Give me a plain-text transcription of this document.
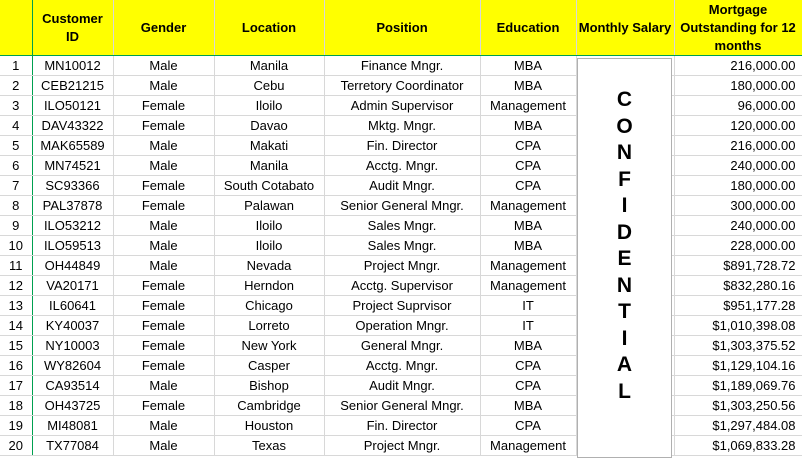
	Customer ID	Gender	Location	Position	Education	Monthly Salary	Mortgage Outstanding for 12 months
1	MN10012	Male	Manila	Finance Mngr.	MBA		216,000.00
2	CEB21215	Male	Cebu	Terretory Coordinator	MBA		180,000.00
3	ILO50121	Female	Iloilo	Admin Supervisor	Management		96,000.00
4	DAV43322	Female	Davao	Mktg. Mngr.	MBA		120,000.00
5	MAK65589	Male	Makati	Fin. Director	CPA		216,000.00
6	MN74521	Male	Manila	Acctg. Mngr.	CPA		240,000.00
7	SC93366	Female	South Cotabato	Audit Mngr.	CPA		180,000.00
8	PAL37878	Female	Palawan	Senior General Mngr.	Management		300,000.00
9	ILO53212	Male	Iloilo	Sales Mngr.	MBA		240,000.00
10	ILO59513	Male	Iloilo	Sales Mngr.	MBA		228,000.00
11	OH44849	Male	Nevada	Project Mngr.	Management		$891,728.72
12	VA20171	Female	Herndon	Acctg. Supervisor	Management		$832,280.16
13	IL60641	Female	Chicago	Project Suprvisor	IT		$951,177.28
14	KY40037	Female	Lorreto	Operation Mngr.	IT		$1,010,398.08
15	NY10003	Female	New York	General Mngr.	MBA		$1,303,375.52
16	WY82604	Female	Casper	Acctg. Mngr.	CPA		$1,129,104.16
17	CA93514	Male	Bishop	Audit Mngr.	CPA		$1,189,069.76
18	OH43725	Female	Cambridge	Senior General Mngr.	MBA		$1,303,250.56
19	MI48081	Male	Houston	Fin. Director	CPA		$1,297,484.08
20	TX77084	Male	Texas	Project Mngr.	Management		$1,069,833.28
C
O
N
F
I
D
E
N
T
I
A
L
